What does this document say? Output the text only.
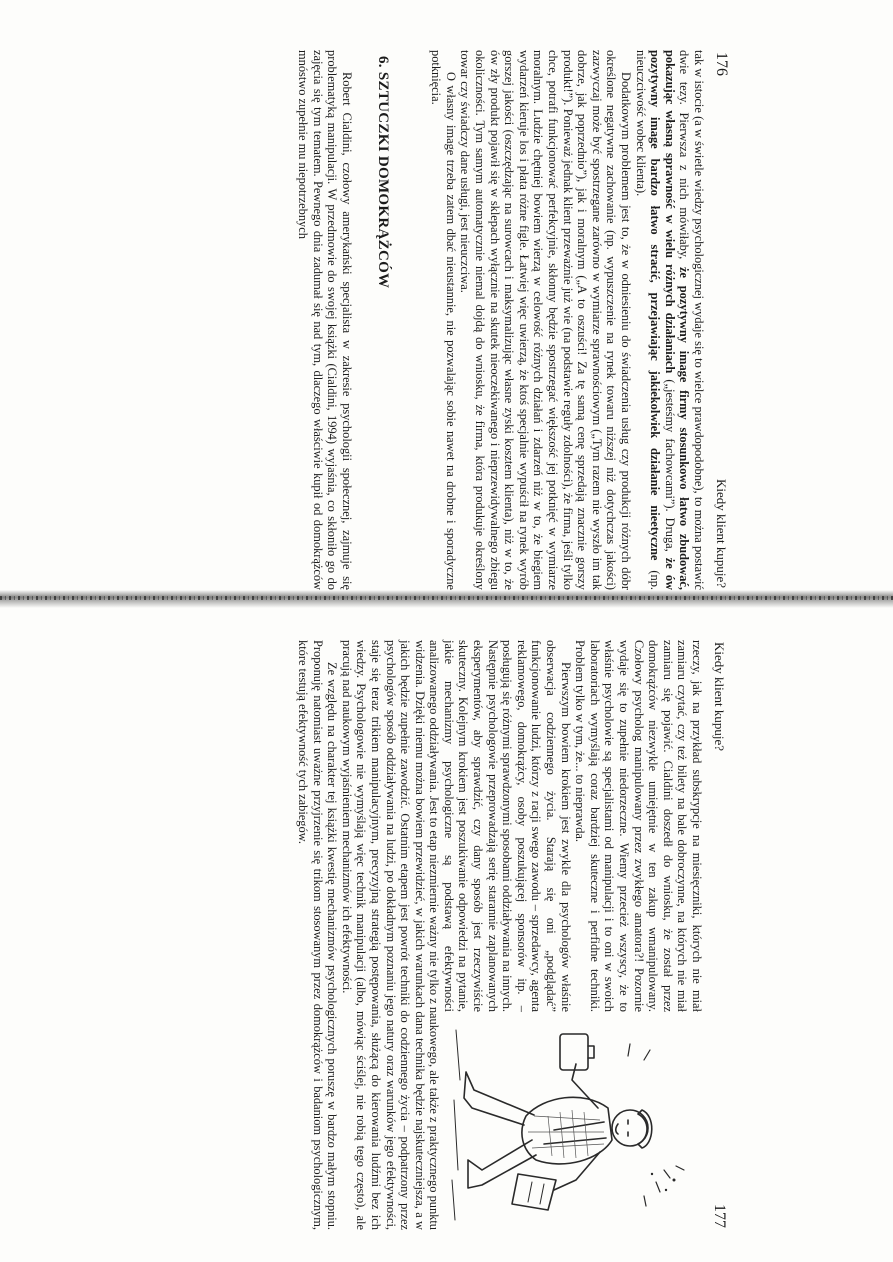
176
Kiedy klient kupuje?

tak w istocie (a w świetle wiedzy psychologicznej wydaje się to wielce prawdopodobne), to można postawić dwie tezy. Pierwsza z nich mówiłaby, że pozytywny image firmy stosunkowo łatwo zbudować, pokazując własną sprawność w wielu różnych działaniach („jesteśmy fachowcami”). Druga, że ów pozytywny image bardzo łatwo stracić, przejawiając jakiekolwiek działanie nieetyczne (np. nieuczciwość wobec klienta).

Dodatkowym problemem jest to, że w odniesieniu do świadczenia usług czy produkcji różnych dóbr określone negatywne zachowanie (np. wypuszczenie na rynek towaru niższej niż dotychczas jakości) zazwyczaj może być spostrzegane zarówno w wymiarze sprawnościowym („Tym razem nie wyszło im tak dobrze, jak poprzednio”), jak i moralnym („A to oszuści! Za tę samą cenę sprzedają znacznie gorszy produkt!”). Ponieważ jednak klient przeważnie już wie (na podstawie reguły zdolności), że firma, jeśli tylko chce, potrafi funkcjonować perfekcyjnie, skłonny będzie spostrzegać większość jej potknięć w wymiarze moralnym. Ludzie chętniej bowiem wierzą w celowość różnych działań i zdarzeń niż w to, że biegiem wydarzeń kieruje los i płata różne figle. Łatwiej więc uwierzą, że ktoś specjalnie wypuścił na rynek wyrób gorszej jakości (oszczędzając na surowcach i maksymalizując własne zyski kosztem klienta), niż w to, że ów zły produkt pojawił się w sklepach wyłącznie na skutek nieoczekiwanego i nieprzewidywalnego zbiegu okoliczności. Tym samym automatycznie niemal dojdą do wniosku, że firma, która produkuje określony towar czy świadczy dane usługi, jest nieuczciwa.

O własny image trzeba zatem dbać nieustannie, nie pozwalając sobie nawet na drobne i sporadyczne potknięcia.

6. SZTUCZKI DOMOKRĄŻCÓW

Robert Cialdini, czołowy amerykański specjalista w zakresie psychologii społecznej, zajmuje się problematyką manipulacji. W przedmowie do swojej książki (Cialdini, 1994) wyjaśnia, co skłoniło go do zajęcia się tym tematem. Pewnego dnia zadumał się nad tym, dlaczego właściwie kupił od domokrążców mnóstwo zupełnie mu niepotrzebnych

Kiedy klient kupuje?
177

rzeczy, jak na przykład subskrypcje na miesięczniki, których nie miał zamiaru czytać, czy też bilety na bale dobroczynne, na których nie miał zamiaru się pojawić. Cialdini doszedł do wniosku, że został przez domokrążców niezwykle umiejętnie w ten zakup wmanipulowany. Czołowy psycholog manipulowany przez zwykłego amatora?! Pozornie wydaje się to zupełnie niedorzeczne. Wiemy przecież wszyscy, że to właśnie psycholowie są specjalistami od manipulacji i to oni w swoich laboratoriach wymyślają coraz bardziej skuteczne i perfidne techniki. Problem tylko w tym, że... to nieprawda.

Pierwszym bowiem krokiem jest zwykle dla psychologów właśnie obserwacja codziennego życia. Starają się oni „podglądać” funkcjonowanie ludzi, którzy z racji swego zawodu – sprzedawcy, agenta reklamowego, domokrążcy, osoby poszukującej sponsorów itp. – posługują się różnymi sprawdzonymi sposobami oddziaływania na innych. Następnie psychologowie przeprowadzają serię starannie zaplanowanych eksperymentów, aby sprawdzić, czy dany sposób jest rzeczywiście skuteczny. Kolejnym krokiem jest poszukiwanie odpowiedzi na pytanie, jakie mechanizmy psychologiczne są podstawą efektywności analizowanego oddziaływania. Jest to etap niezmiernie ważny nie tylko z naukowego, ale także z praktycznego punktu widzenia. Dzięki niemu można bowiem przewidzieć, w jakich warunkach dana technika będzie najskuteczniejsza, a w jakich będzie zupełnie zawodzić. Ostatnim etapem jest powrót techniki do codziennego życia – podpatrzony przez psychologów sposób oddziaływania na ludzi, po dokładnym poznaniu jego natury oraz warunków jego efektywności, staje się teraz trikiem manipulacyjnym, precyzyjną strategią postępowania, służącą do kierowania ludźmi bez ich wiedzy. Psychologowie nie wymyślają więc technik manipulacji (albo, mówiąc ściślej, nie robią tego często), ale pracują nad naukowym wyjaśnieniem mechanizmów ich efektywności.

Ze względu na charakter tej książki kwestię mechanizmów psychologicznych poruszę w bardzo małym stopniu. Proponuję natomiast uważne przyjrzenie się trikom stosowanym przez domokrążców i badaniom psychologicznym, które testują efektywność tych zabiegów.
